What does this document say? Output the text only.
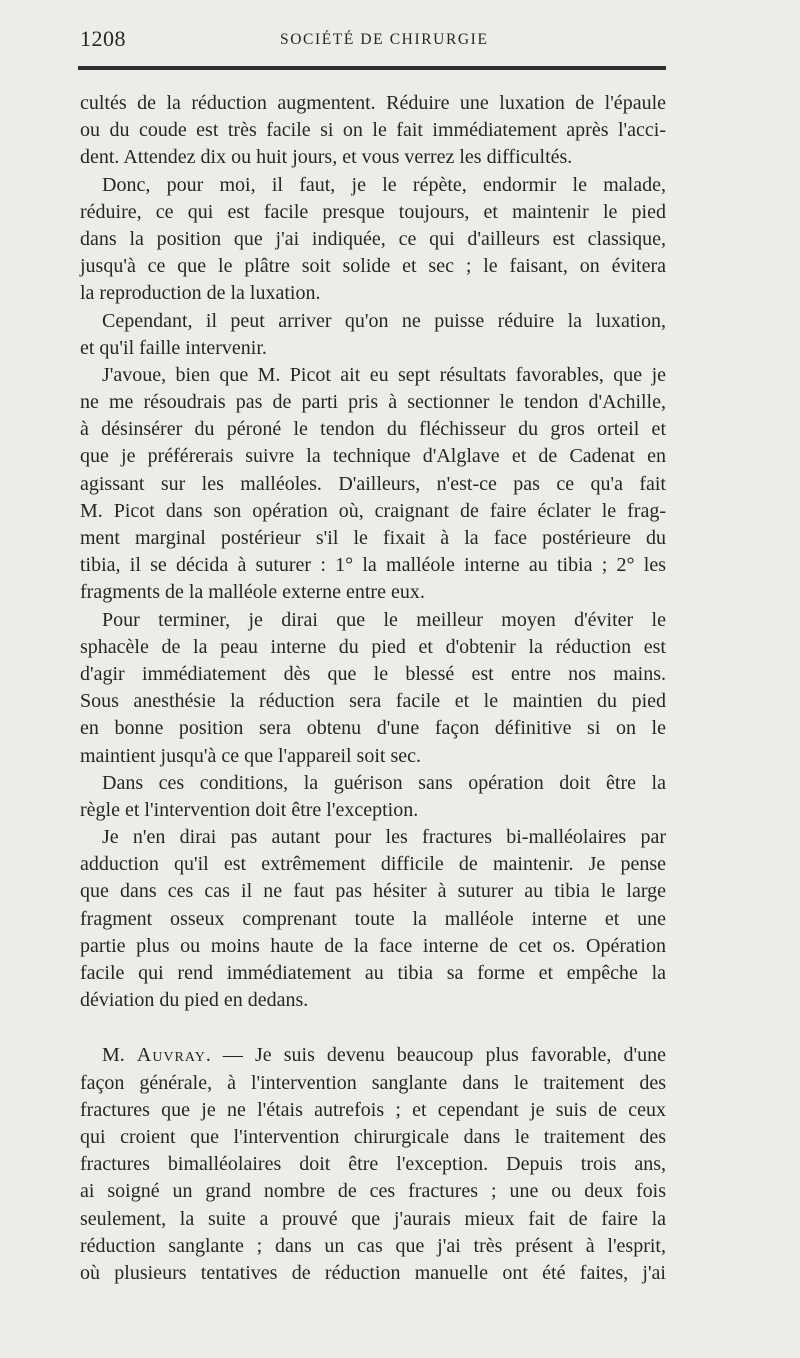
1208	SOCIÉTÉ DE CHIRURGIE
cultés de la réduction augmentent. Réduire une luxation de l'épaule
ou du coude est très facile si on le fait immédiatement après l'acci-
dent. Attendez dix ou huit jours, et vous verrez les difficultés.
Donc, pour moi, il faut, je le répète, endormir le malade,
réduire, ce qui est facile presque toujours, et maintenir le pied
dans la position que j'ai indiquée, ce qui d'ailleurs est classique,
jusqu'à ce que le plâtre soit solide et sec ; le faisant, on évitera
la reproduction de la luxation.
Cependant, il peut arriver qu'on ne puisse réduire la luxation,
et qu'il faille intervenir.
J'avoue, bien que M. Picot ait eu sept résultats favorables, que je
ne me résoudrais pas de parti pris à sectionner le tendon d'Achille,
à désinsérer du péroné le tendon du fléchisseur du gros orteil et
que je préférerais suivre la technique d'Alglave et de Cadenat en
agissant sur les malléoles. D'ailleurs, n'est-ce pas ce qu'a fait
M. Picot dans son opération où, craignant de faire éclater le frag-
ment marginal postérieur s'il le fixait à la face postérieure du
tibia, il se décida à suturer : 1° la malléole interne au tibia ; 2° les
fragments de la malléole externe entre eux.
Pour terminer, je dirai que le meilleur moyen d'éviter le
sphacèle de la peau interne du pied et d'obtenir la réduction est
d'agir immédiatement dès que le blessé est entre nos mains.
Sous anesthésie la réduction sera facile et le maintien du pied
en bonne position sera obtenu d'une façon définitive si on le
maintient jusqu'à ce que l'appareil soit sec.
Dans ces conditions, la guérison sans opération doit être la
règle et l'intervention doit être l'exception.
Je n'en dirai pas autant pour les fractures bi-malléolaires par
adduction qu'il est extrêmement difficile de maintenir. Je pense
que dans ces cas il ne faut pas hésiter à suturer au tibia le large
fragment osseux comprenant toute la malléole interne et une
partie plus ou moins haute de la face interne de cet os. Opération
facile qui rend immédiatement au tibia sa forme et empêche la
déviation du pied en dedans.
M. Auvray. — Je suis devenu beaucoup plus favorable, d'une
façon générale, à l'intervention sanglante dans le traitement des
fractures que je ne l'étais autrefois ; et cependant je suis de ceux
qui croient que l'intervention chirurgicale dans le traitement des
fractures bimalléolaires doit être l'exception. Depuis trois ans,
ai soigné un grand nombre de ces fractures ; une ou deux fois
seulement, la suite a prouvé que j'aurais mieux fait de faire la
réduction sanglante ; dans un cas que j'ai très présent à l'esprit,
où plusieurs tentatives de réduction manuelle ont été faites, j'ai
